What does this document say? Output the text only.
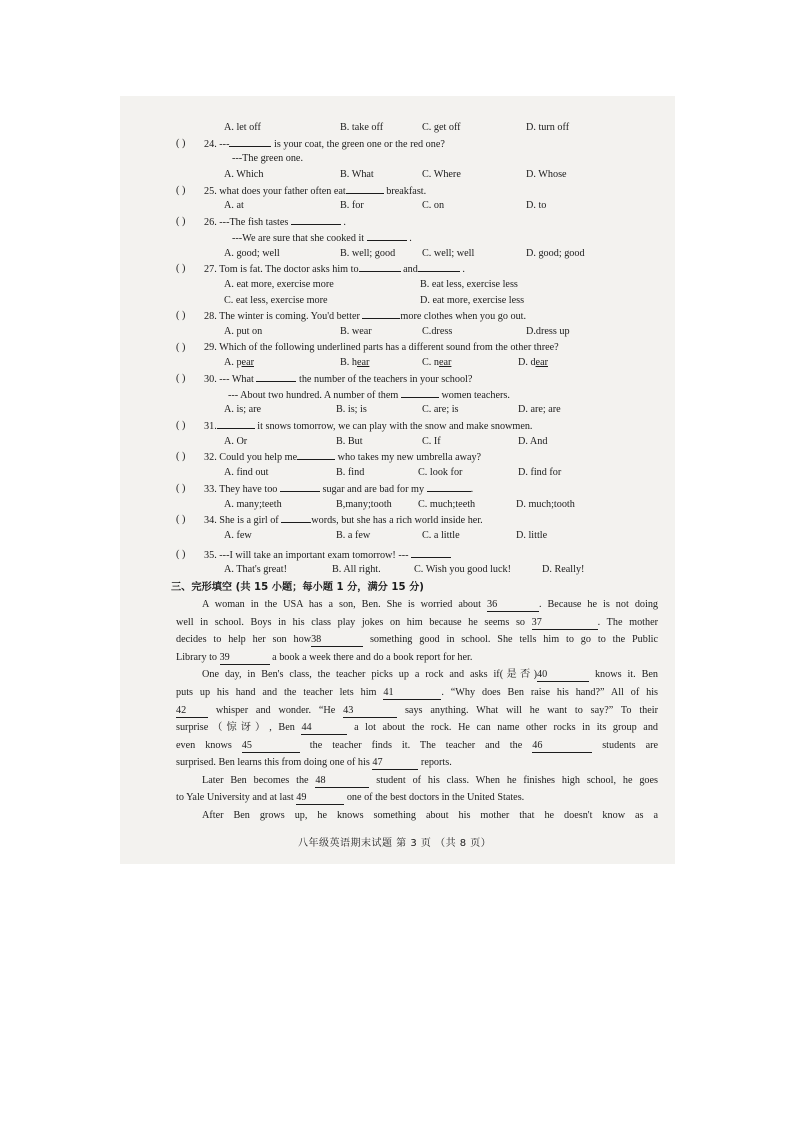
A. let off	B. take off	C. get off	D. turn off
( ) 24. ---	is your coat, the green one or the red one?
---The green one.
A. Which	B. What	C. Where	D. Whose
( ) 25. what does your father often eat	breakfast.
A. at	B. for	C. on	D. to
( ) 26. ---The fish tastes	.
---We are sure that she cooked it	.
A. good; well	B. well; good	C. well; well	D. good; good
( ) 27. Tom is fat. The doctor asks him to	and	.
A. eat more, exercise more	B. eat less, exercise less
C. eat less, exercise more	D. eat more, exercise less
( ) 28. The winter is coming. You'd better	more clothes when you go out.
A. put on	B. wear	C.dress	D.dress up
( ) 29. Which of the following underlined parts has a different sound from the other three?
A. pear	B. hear	C. near	D. dear
( ) 30. --- What	the number of the teachers in your school?
--- About two hundred. A number of them	women teachers.
A. is; are	B. is; is	C. are; is	D. are; are
( ) 31.	it snows tomorrow, we can play with the snow and make snowmen.
A. Or	B. But	C. If	D. And
( ) 32. Could you help me	who takes my new umbrella away?
A. find out	B. find	C. look for	D. find for
( ) 33. They have too	sugar and are bad for my	.
A. many;teeth	B,many;tooth	C. much;teeth	D. much;tooth
( ) 34. She is a girl of	words, but she has a rich world inside her.
A. few	B. a few	C. a little	D. little
( ) 35. ---I will take an important exam tomorrow! ---
A. That's great!	B. All right.	C. Wish you good luck!	D. Really!
三、完形填空 (共 15 小题；每小题 1 分，满分 15 分)
A woman in the USA has a son, Ben. She is worried about 36	. Because he is not doing
well in school. Boys in his class play jokes on him because he seems so 37	. The mother
decides to help her son how38	something good in school. She tells him to go to the Public
Library to 39	a book a week there and do a book report for her.
One day, in Ben's class, the teacher picks up a rock and asks if(是否)40	knows it. Ben
puts up his hand and the teacher lets him 41	. “Why does Ben raise his hand?” All of his
42	whisper and wonder. “He 43	says anything. What will he want to say?” To their
surprise（惊讶）, Ben 44	a lot about the rock. He can name other rocks in its group and
even knows 45	the teacher finds it. The teacher and the 46	students are
surprised. Ben learns this from doing one of his 47	reports.
Later Ben becomes the 48	student of his class. When he finishes high school, he goes
to Yale University and at last 49	one of the best doctors in the United States.
After Ben grows up, he knows something about his mother that he doesn't know as a
八年级英语期末试题 第 3 页 （共 8 页）
